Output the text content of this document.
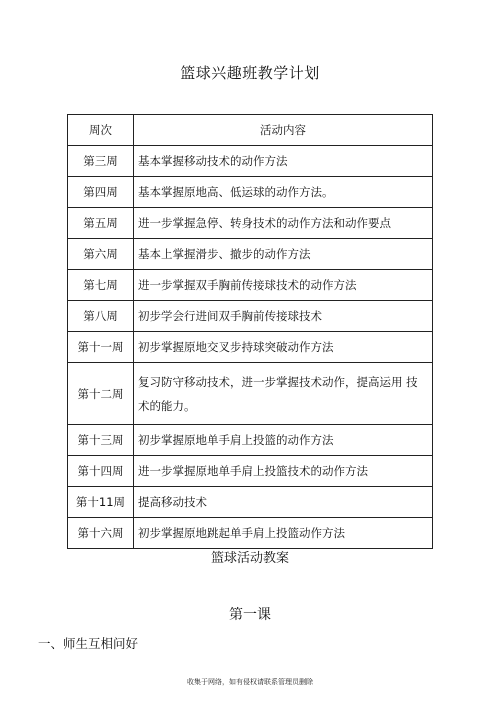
篮球兴趣班教学计划
周次	活动内容
第三周	基本掌握移动技术的动作方法
第四周	基本掌握原地高、低运球的动作方法。
第五周	进一步掌握急停、转身技术的动作方法和动作要点
第六周	基本上掌握滑步、撤步的动作方法
第七周	进一步掌握双手胸前传接球技术的动作方法
第八周	初步学会行进间双手胸前传接球技术
第十一周	初步掌握原地交叉步持球突破动作方法
第十二周	复习防守移动技术，进一步掌握技术动作，提高运用 技术的能力。
第十三周	初步掌握原地单手肩上投篮的动作方法
第十四周	进一步掌握原地单手肩上投篮技术的动作方法
第十11周	提高移动技术
第十六周	初步掌握原地跳起单手肩上投篮动作方法
篮球活动教案
第一课
一、师生互相问好
收集于网络，如有侵权请联系管理员删除
